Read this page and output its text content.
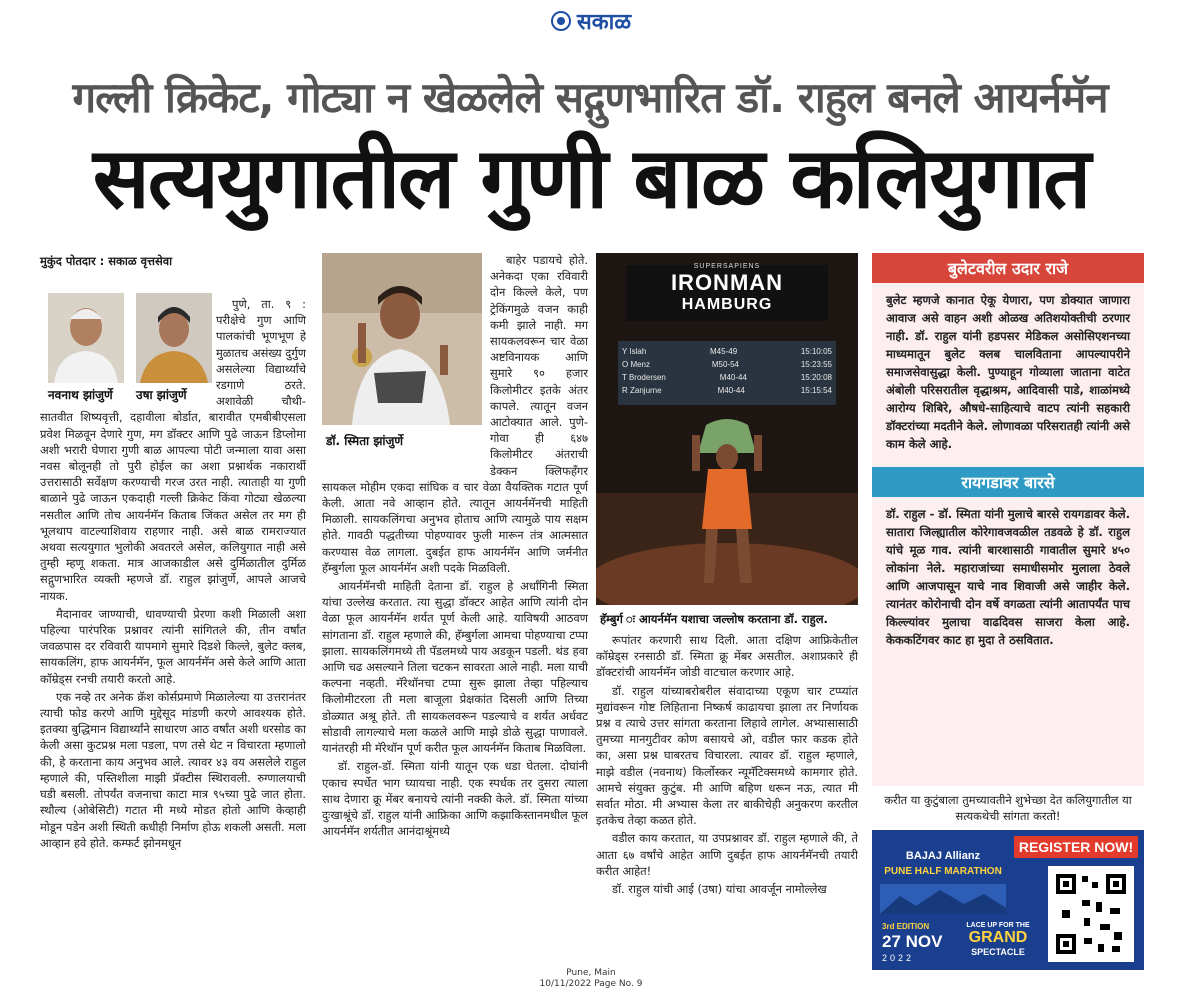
सकाळ
गल्ली क्रिकेट, गोट्या न खेळलेले सद्गुणभारित डॉ. राहुल बनले आयर्नमॅन
सत्ययुगातील गुणी बाळ कलियुगात
मुकुंद पोतदार : सकाळ वृत्तसेवा
नवनाथ झांजुर्णे उषा झांजुर्णे

पुणे, ता. ९ : परीक्षेचे गुण आणि पालकांची भूणभूण हे मुळातच असंख्य दुर्गुण असलेल्या विद्यार्थ्यांचे रडगाणे ठरते. अशावेळी चौथी-सातवीत शिष्यवृत्ती, दहावीला बोर्डात, बारावीत एमबीबीएसला प्रवेश मिळवून देणारे गुण, मग डॉक्टर आणि पुढे जाऊन डिप्लोमा अशी भरारी घेणारा गुणी बाळ आपल्या पोटी जन्माला यावा असा नवस बोलूनही तो पुरी होईल का अशा प्रश्नार्थक नकारार्थी उत्तरासाठी सर्वेक्षण करण्याची गरज उरत नाही. त्याताही या गुणी बाळाने पुढे जाऊन एकदाही गल्ली क्रिकेट किंवा गोट्या खेळल्या नसतील आणि तोच आयर्नमॅन किताब जिंकत असेल तर मग ही भूलथाप वाटल्याशिवाय राहणार नाही. असे बाळ रामराज्यात अथवा सत्ययुगात भुलोकी अवतरले असेल, कलियुगात नाही असे तुम्ही म्हणू शकता. मात्र आजकाडील असे दुर्मिळातील दुर्मिळ सद्गुणभारित व्यक्ती म्हणजे डॉ. राहुल झांजुर्णे, आपले आजचे नायक.

मैदानावर जाण्याची, धावण्याची प्रेरणा कशी मिळाली अशा पहिल्या पारंपरिक प्रश्नावर त्यांनी सांगितले की, तीन वर्षांत जवळपास दर रविवारी यापमागे सुमारे दिडशे किल्ले, बुलेट क्लब, सायकलिंग, हाफ आयर्नमॅन, फूल आयर्नमॅन असे केले आणि आता कॉम्रेड्स रनची तयारी करतो आहे.

एक नव्हे तर अनेक क्रॅश कोर्सप्रमाणे मिळालेल्या या उत्तरानंतर त्याची फोड करणे आणि मुद्देसूद मांडणी करणे आवश्यक होते. इतक्या बुद्धिमान विद्यार्थ्यांने साधारण आठ वर्षांत अशी धरसोड का केली असा कुटप्रश्न मला पडला, पण तसे थेट न विचारता म्हणालो की, हे करताना काय अनुभव आले. त्यावर ४३ वय असलेले राहुल म्हणाले की, पस्तिशीला माझी प्रॅक्टीस स्थिरावली. रुग्णालयाची घडी बसली. तोपर्यंत वजनाचा काटा मात्र ९५च्या पुढे जात होता. स्थौल्य (ओबेसिटी) गटात मी मध्ये मोडत होतो आणि केव्हाही मोडून पडेन अशी स्थिती कधीही निर्माण होऊ शकली असती. मला आव्हान हवे होते. कम्फर्ट झोनमधून

डॉ. स्मिता झांजुर्णे

बाहेर पडायचे होते. अनेकदा एका रविवारी दोन किल्ले केले, पण ट्रेकिंगमुळे वजन काही कमी झाले नाही. मग सायकलवरून चार वेळा अष्टविनायक आणि सुमारे ९० हजार किलोमीटर इतके अंतर कापले. त्यातून वजन आटोक्यात आले. पुणे-गोवा ही ६४७ किलोमीटर अंतराची डेक्कन क्लिफहँगर सायकल मोहीम एकदा सांघिक व चार वेळा वैयक्तिक गटात पूर्ण केली. आता नवे आव्हान होते. त्यातून आयर्नमॅनची माहिती मिळाली. सायकलिंगचा अनुभव होताच आणि त्यामुळे पाय सक्षम होते. गावठी पद्धतीच्या पोहण्यावर फुली मारून तंत्र आत्मसात करण्यास वेळ लागला. दुबईत हाफ आयर्नमॅन आणि जर्मनीत हॅम्बुर्गला फूल आयर्नमॅन अशी पदके मिळविली.

आयर्नमॅनची माहिती देताना डॉ. राहुल हे अर्धांगिनी स्मिता यांचा उल्लेख करतात. त्या सुद्धा डॉक्टर आहेत आणि त्यांनी दोन वेळा फूल आयर्नमॅन शर्यत पूर्ण केली आहे. याविषयी आठवण सांगताना डॉ. राहुल म्हणाले की, हॅम्बुर्गला आमचा पोहण्याचा टप्पा झाला. सायकलिंगमध्ये ती पॅडलमध्ये पाय अडकून पडली. थंड हवा आणि चढ असल्याने तिला चटकन सावरता आले नाही. मला याची कल्पना नव्हती. मॅरेथॉनचा टप्पा सुरू झाला तेव्हा पहिल्याच किलोमीटरला ती मला बाजूला प्रेक्षकांत दिसली आणि तिच्या डोळ्यात अश्रू होते. ती सायकलवरून पडल्याचे व शर्यत अर्धवट सोडावी लागल्याचे मला कळले आणि माझे डोळे सुद्धा पाणावले. यानंतरही मी मॅरेथॉन पूर्ण करीत फूल आयर्नमॅन किताब मिळविला.

डॉ. राहुल-डॉ. स्मिता यांनी यातून एक धडा घेतला. दोघांनी एकाच स्पर्धेत भाग घ्यायचा नाही. एक स्पर्धक तर दुसरा त्याला साथ देणारा क्रू मेंबर बनायचे त्यांनी नक्की केले. डॉ. स्मिता यांच्या दुःखाश्रूंचे डॉ. राहुल यांनी आफ्रिका आणि कझाकिस्तानमधील फूल आयर्नमॅन शर्यतीत आनंदाश्रूंमध्ये

SUPERSAPIENS
IRONMAN
HAMBURG
Y Islah	M45-49	15:10:05
O Menz	M50-54	15:23:55
T Brodersen	M40-44	15:20:08
R Zanjurne	M40-44	15:15:54
हॅम्बुर्ग ः आयर्नमॅन यशाचा जल्लोष करताना डॉ. राहुल.

रूपांतर करणारी साथ दिली. आता दक्षिण आफ्रिकेतील कॉम्रेड्स रनसाठी डॉ. स्मिता क्रू मेंबर असतील. अशाप्रकारे ही डॉक्टरांची आयर्नमॅन जोडी वाटचाल करणार आहे.

डॉ. राहुल यांच्याबरोबरील संवादाच्या एकूण चार टप्प्यांत मुद्यांवरून गोष्ट लिहिताना निष्कर्ष काढायचा झाला तर निर्णायक प्रश्न व त्याचे उत्तर सांगता करताना लिहावे लागेल. अभ्यासासाठी तुमच्या मानगुटीवर कोण बसायचे ओ, वडील फार कडक होते का, असा प्रश्न घाबरतच विचारला. त्यावर डॉ. राहुल म्हणाले, माझे वडील (नवनाथ) किर्लोस्कर न्यूमॅटिक्समध्ये कामगार होते. आमचे संयुक्त कुटुंब. मी आणि बहिण धरून नऊ, त्यात मी सर्वात मोठा. मी अभ्यास केला तर बाकीचेही अनुकरण करतील इतकेच तेव्हा कळत होते.

वडील काय करतात, या उपप्रश्नावर डॉ. राहुल म्हणाले की, ते आता ६७ वर्षांचे आहेत आणि दुबईत हाफ आयर्नमॅनची तयारी करीत आहेत!

डॉ. राहुल यांची आई (उषा) यांचा आवर्जून नामोल्लेख

बुलेटवरील उदार राजे
बुलेट म्हणजे कानात ऐकू येणारा, पण डोक्यात जाणारा आवाज असे वाहन अशी ओळख अतिशयोक्तीची ठरणार नाही. डॉ. राहुल यांनी हडपसर मेडिकल असोसिएशनच्या माध्यमातून बुलेट क्लब चालविताना आपल्यापरीने समाजसेवासुद्धा केली. पुण्याहून गोव्याला जाताना वाटेत अंबोली परिसरातील वृद्धाश्रम, आदिवासी पाडे, शाळांमध्ये आरोग्य शिबिरे, औषधे-साहित्याचे वाटप त्यांनी सहकारी डॉक्टरांच्या मदतीने केले. लोणावळा परिसरातही त्यांनी असे काम केले आहे.
रायगडावर बारसे
डॉ. राहुल - डॉ. स्मिता यांनी मुलाचे बारसे रायगडावर केले. सातारा जिल्ह्यातील कोरेगावजवळील तडवळे हे डॉ. राहुल यांचे मूळ गाव. त्यांनी बारशासाठी गावातील सुमारे ४५० लोकांना नेले. महाराजांच्या समाधीसमोर मुलाला ठेवले आणि आजपासून याचे नाव शिवाजी असे जाहीर केले. त्यानंतर कोरोनाची दोन वर्षे वगळता त्यांनी आतापर्यंत पाच किल्ल्यांवर मुलाचा वाढदिवस साजरा केला आहे. केककटिंगवर काट हा मुदा ते ठसवितात.
करीत या कुटुंबाला तुमच्यावतीने शुभेच्छा देत कलियुगातील या सत्यकथेची सांगता करतो!
REGISTER NOW!
BAJAJ Allianz
PUNE HALF MARATHON
3rd EDITION
27 NOV
2022
LACE UP FOR THE
GRAND
SPECTACLE
Pune, Main
10/11/2022 Page No. 9
